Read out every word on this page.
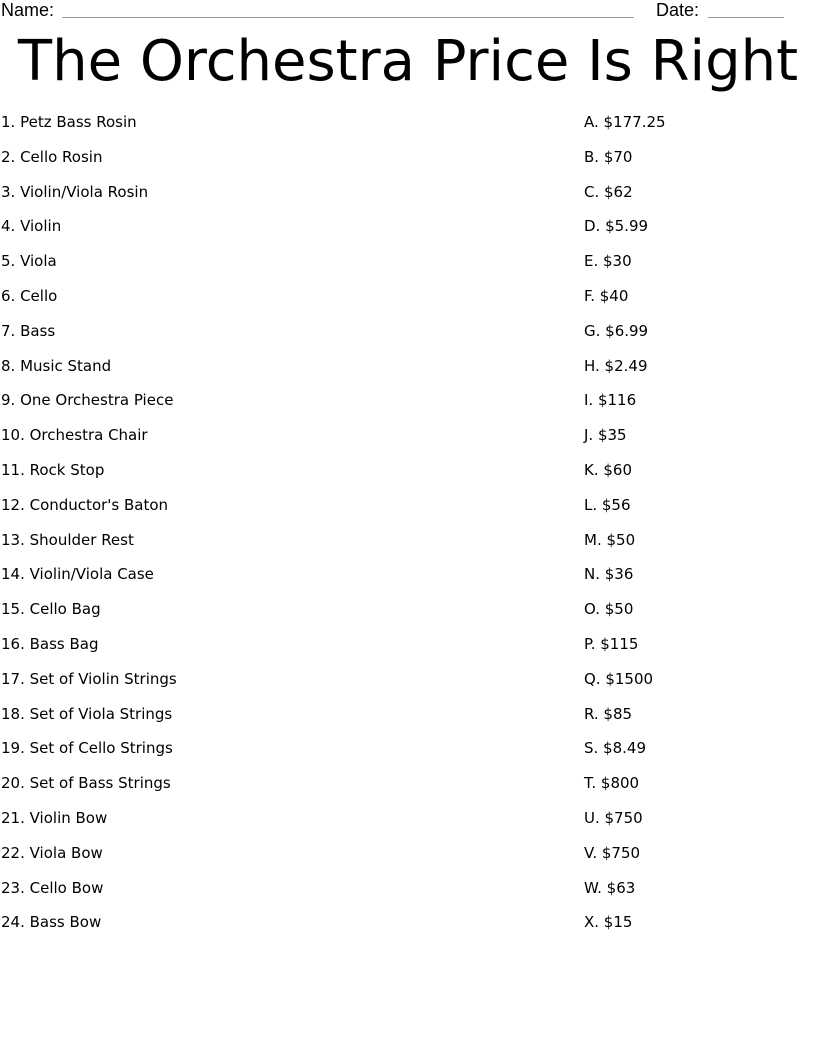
Name:	Date:
The Orchestra Price Is Right
1. Petz Bass Rosin
2. Cello Rosin
3. Violin/Viola Rosin
4. Violin
5. Viola
6. Cello
7. Bass
8. Music Stand
9. One Orchestra Piece
10. Orchestra Chair
11. Rock Stop
12. Conductor's Baton
13. Shoulder Rest
14. Violin/Viola Case
15. Cello Bag
16. Bass Bag
17. Set of Violin Strings
18. Set of Viola Strings
19. Set of Cello Strings
20. Set of Bass Strings
21. Violin Bow
22. Viola Bow
23. Cello Bow
24. Bass Bow
A. $177.25
B. $70
C. $62
D. $5.99
E. $30
F. $40
G. $6.99
H. $2.49
I. $116
J. $35
K. $60
L. $56
M. $50
N. $36
O. $50
P. $115
Q. $1500
R. $85
S. $8.49
T. $800
U. $750
V. $750
W. $63
X. $15
